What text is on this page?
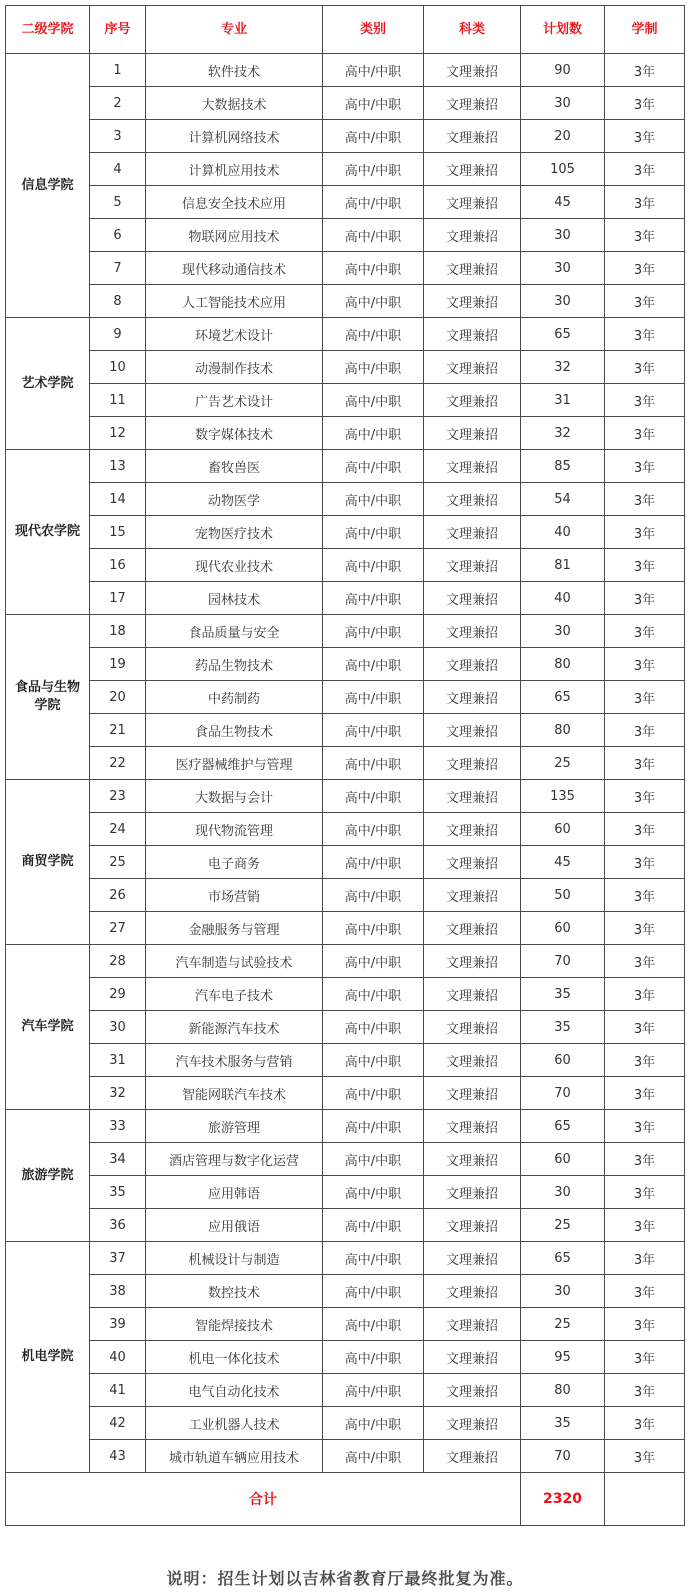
二级学院	序号	专业	类别	科类	计划数	学制
信息学院	1	软件技术	高中/中职	文理兼招	90	3年
	2	大数据技术	高中/中职	文理兼招	30	3年
	3	计算机网络技术	高中/中职	文理兼招	20	3年
	4	计算机应用技术	高中/中职	文理兼招	105	3年
	5	信息安全技术应用	高中/中职	文理兼招	45	3年
	6	物联网应用技术	高中/中职	文理兼招	30	3年
	7	现代移动通信技术	高中/中职	文理兼招	30	3年
	8	人工智能技术应用	高中/中职	文理兼招	30	3年
艺术学院	9	环境艺术设计	高中/中职	文理兼招	65	3年
	10	动漫制作技术	高中/中职	文理兼招	32	3年
	11	广告艺术设计	高中/中职	文理兼招	31	3年
	12	数字媒体技术	高中/中职	文理兼招	32	3年
现代农学院	13	畜牧兽医	高中/中职	文理兼招	85	3年
	14	动物医学	高中/中职	文理兼招	54	3年
	15	宠物医疗技术	高中/中职	文理兼招	40	3年
	16	现代农业技术	高中/中职	文理兼招	81	3年
	17	园林技术	高中/中职	文理兼招	40	3年
食品与生物学院	18	食品质量与安全	高中/中职	文理兼招	30	3年
	19	药品生物技术	高中/中职	文理兼招	80	3年
	20	中药制药	高中/中职	文理兼招	65	3年
	21	食品生物技术	高中/中职	文理兼招	80	3年
	22	医疗器械维护与管理	高中/中职	文理兼招	25	3年
商贸学院	23	大数据与会计	高中/中职	文理兼招	135	3年
	24	现代物流管理	高中/中职	文理兼招	60	3年
	25	电子商务	高中/中职	文理兼招	45	3年
	26	市场营销	高中/中职	文理兼招	50	3年
	27	金融服务与管理	高中/中职	文理兼招	60	3年
汽车学院	28	汽车制造与试验技术	高中/中职	文理兼招	70	3年
	29	汽车电子技术	高中/中职	文理兼招	35	3年
	30	新能源汽车技术	高中/中职	文理兼招	35	3年
	31	汽车技术服务与营销	高中/中职	文理兼招	60	3年
	32	智能网联汽车技术	高中/中职	文理兼招	70	3年
旅游学院	33	旅游管理	高中/中职	文理兼招	65	3年
	34	酒店管理与数字化运营	高中/中职	文理兼招	60	3年
	35	应用韩语	高中/中职	文理兼招	30	3年
	36	应用俄语	高中/中职	文理兼招	25	3年
机电学院	37	机械设计与制造	高中/中职	文理兼招	65	3年
	38	数控技术	高中/中职	文理兼招	30	3年
	39	智能焊接技术	高中/中职	文理兼招	25	3年
	40	机电一体化技术	高中/中职	文理兼招	95	3年
	41	电气自动化技术	高中/中职	文理兼招	80	3年
	42	工业机器人技术	高中/中职	文理兼招	35	3年
	43	城市轨道车辆应用技术	高中/中职	文理兼招	70	3年
合计					2320	
说明：招生计划以吉林省教育厅最终批复为准。
